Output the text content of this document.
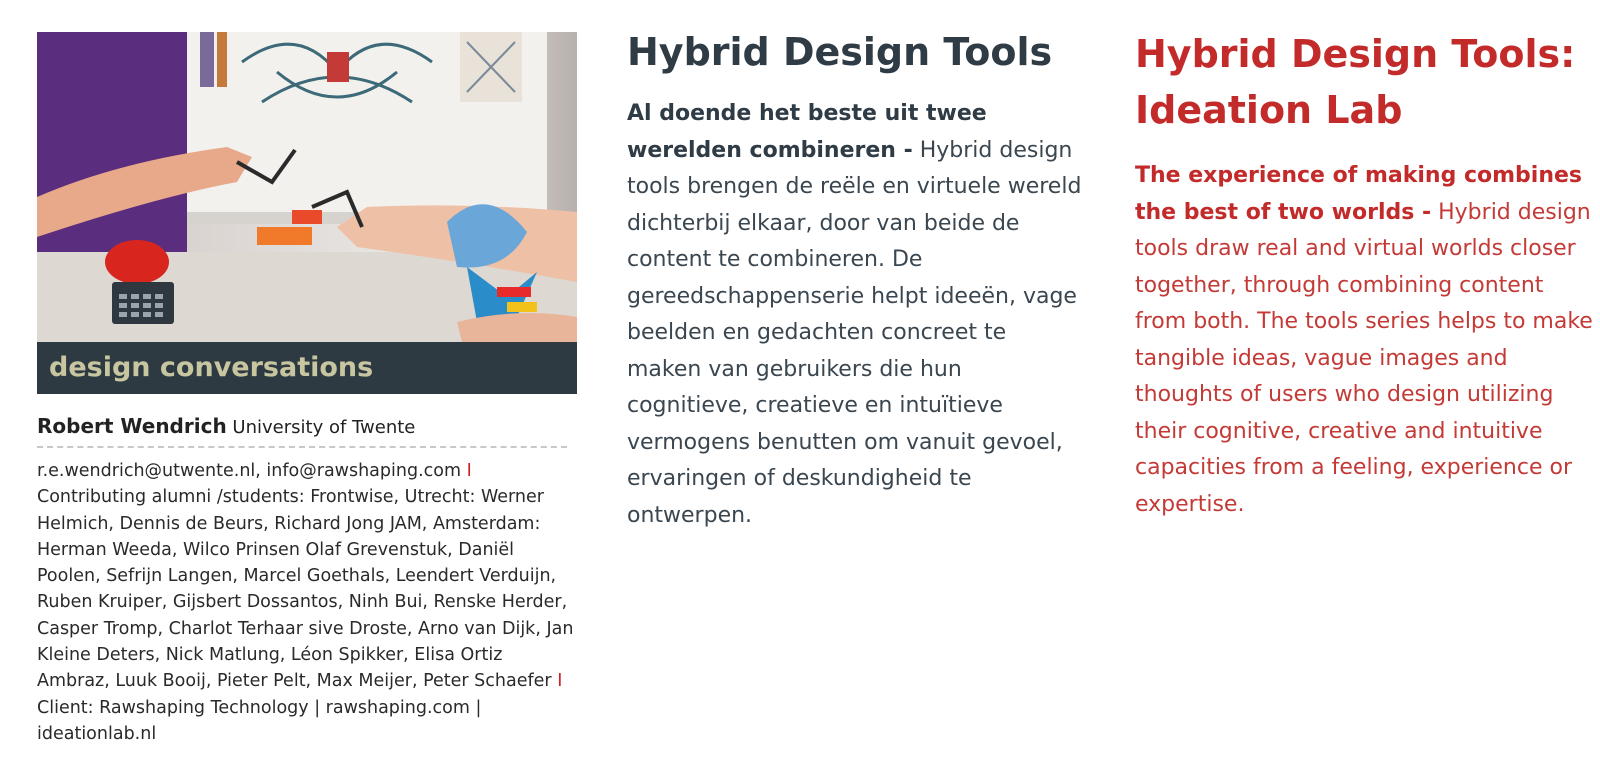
design conversations
Robert Wendrich University of Twente
r.e.wendrich@utwente.nl, info@rawshaping.com I Contributing alumni /students: Frontwise, Utrecht: Werner Helmich, Dennis de Beurs, Richard Jong JAM, Amsterdam: Herman Weeda, Wilco Prinsen Olaf Grevenstuk, Daniël Poolen, Sefrijn Langen, Marcel Goethals, Leendert Verduijn, Ruben Kruiper, Gijsbert Dossantos, Ninh Bui, Renske Herder, Casper Tromp, Charlot Terhaar sive Droste, Arno van Dijk, Jan Kleine Deters, Nick Matlung, Léon Spikker, Elisa Ortiz Ambraz, Luuk Booij, Pieter Pelt, Max Meijer, Peter Schaefer I Client: Rawshaping Technology | rawshaping.com | ideationlab.nl
Hybrid Design Tools
Al doende het beste uit twee werelden combineren - Hybrid design tools brengen de reële en virtuele wereld dichterbij elkaar, door van beide de content te combineren. De gereedschappenserie helpt ideeën, vage beelden en gedachten concreet te maken van gebruikers die hun cognitieve, creatieve en intuïtieve vermogens benutten om vanuit gevoel, ervaringen of deskundigheid te ontwerpen.
Hybrid Design Tools: Ideation Lab
The experience of making combines the best of two worlds - Hybrid design tools draw real and virtual worlds closer together, through combining content from both. The tools series helps to make tangible ideas, vague images and thoughts of users who design utilizing their cognitive, creative and intuitive capacities from a feeling, experience or expertise.
